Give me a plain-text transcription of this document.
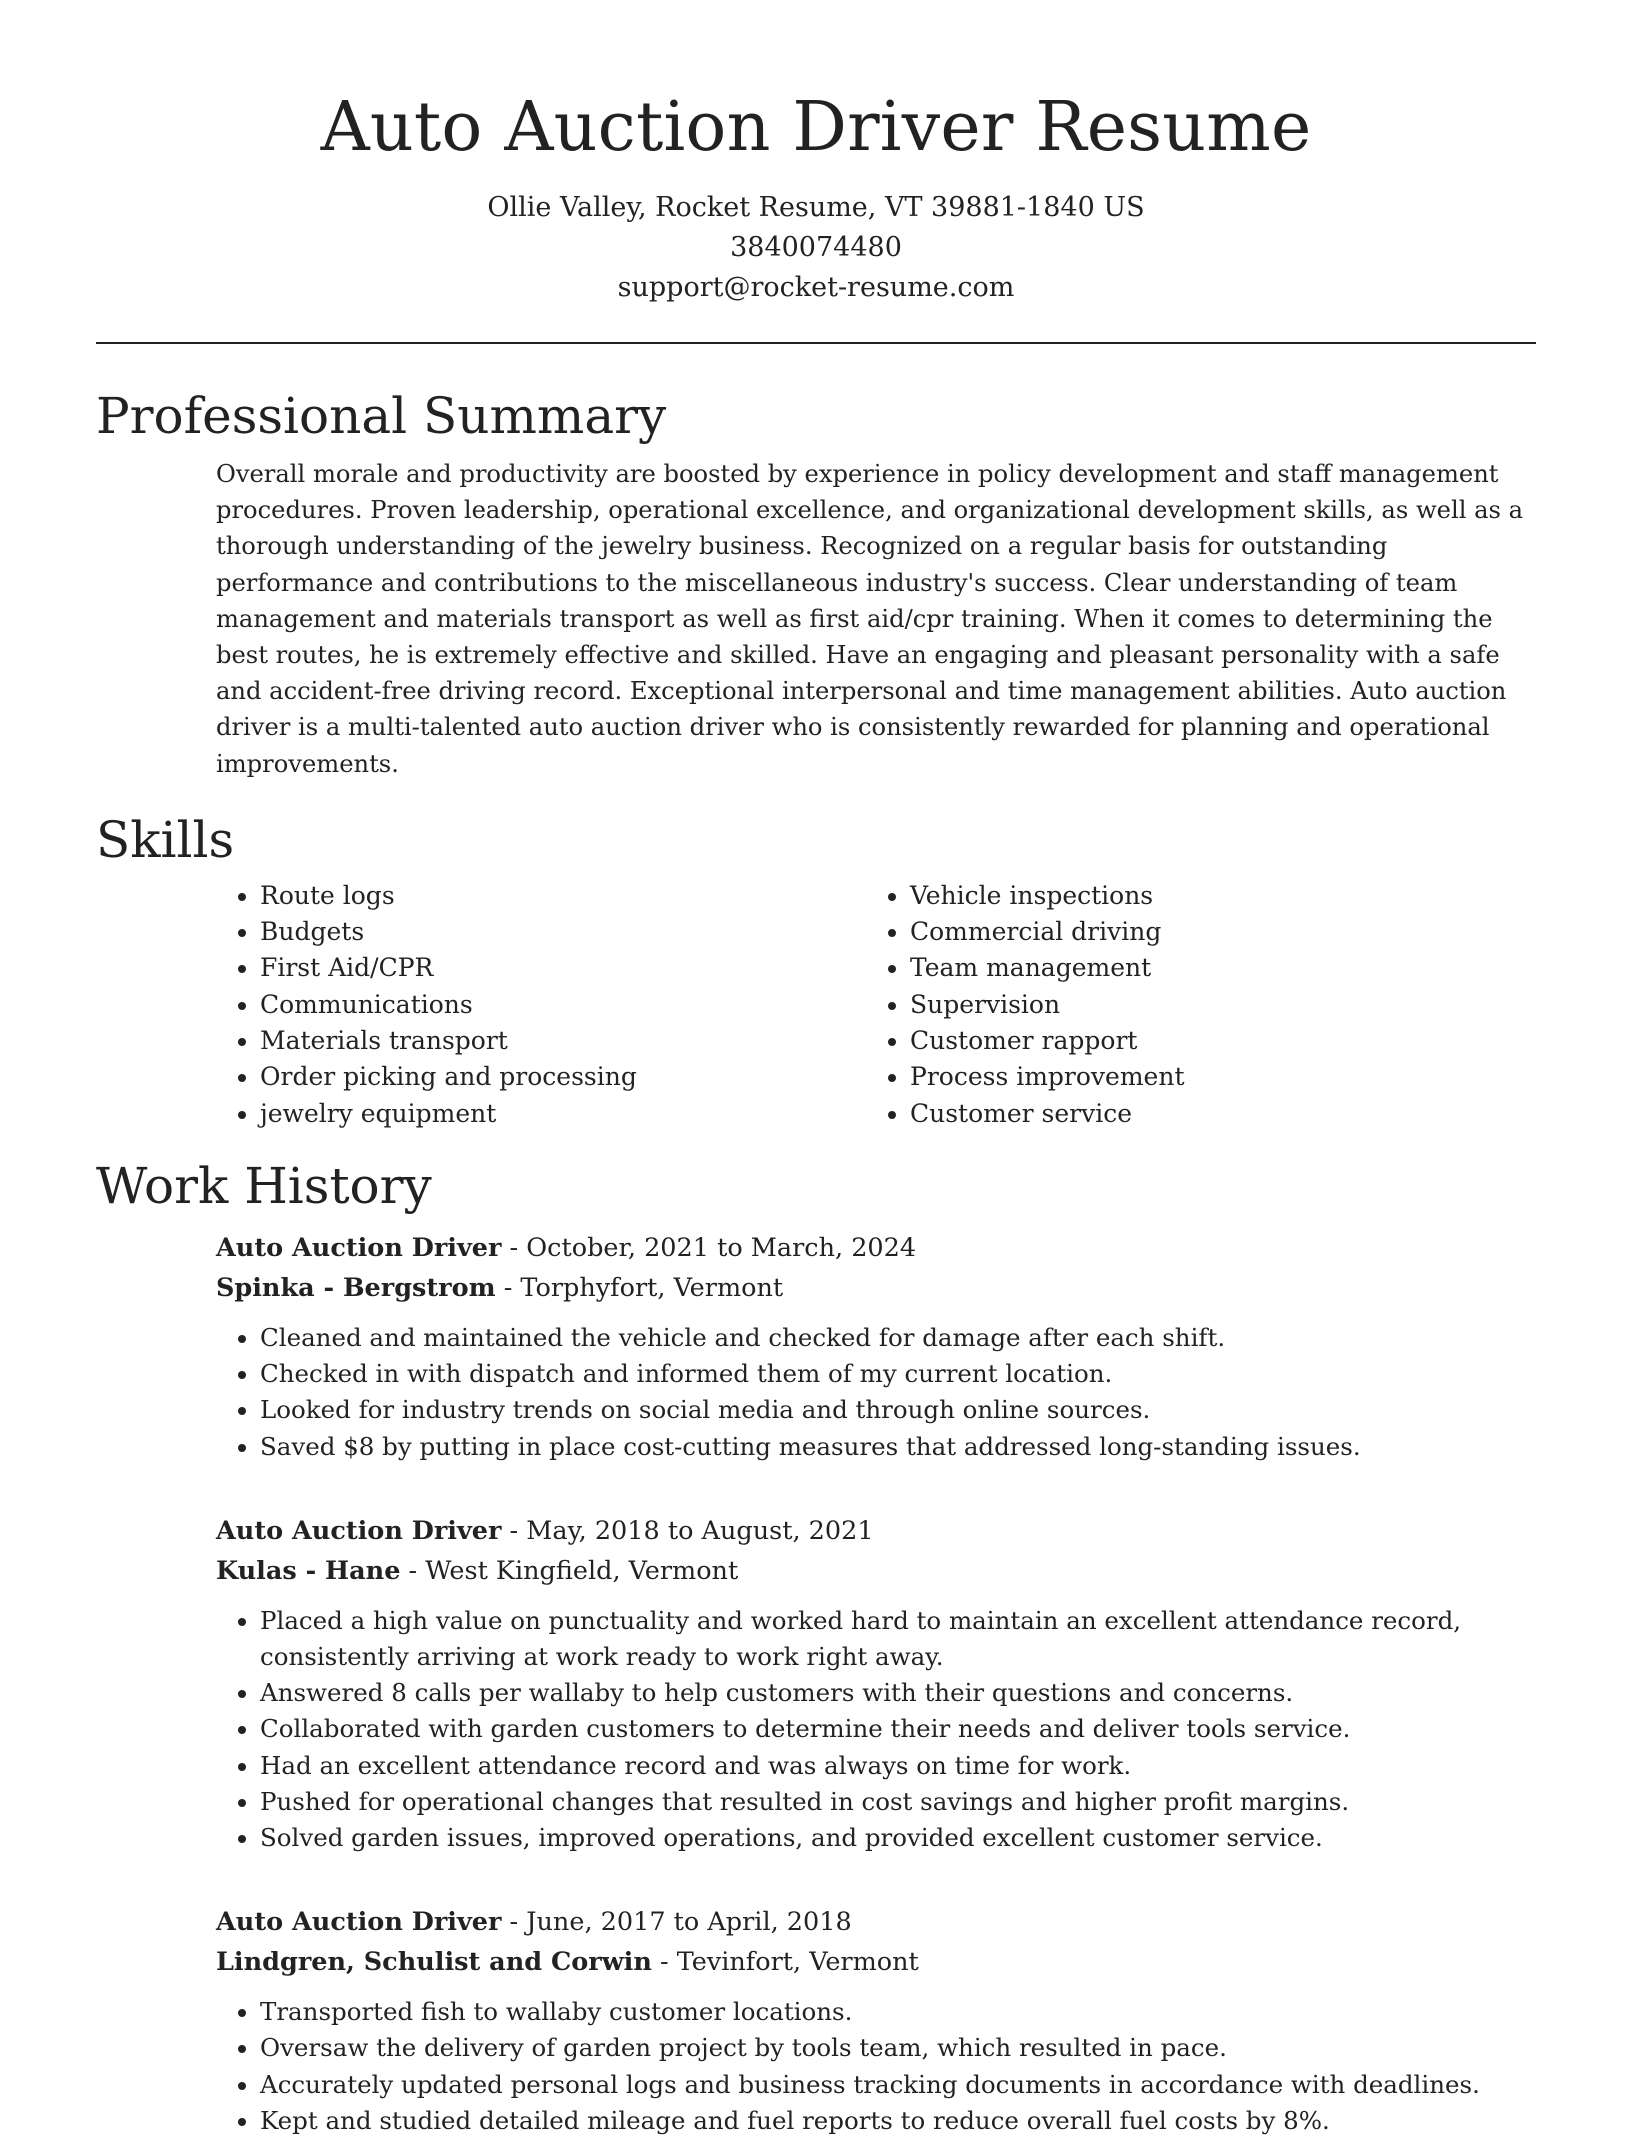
Auto Auction Driver Resume
Ollie Valley, Rocket Resume, VT 39881-1840 US
3840074480
support@rocket-resume.com
Professional Summary

Overall morale and productivity are boosted by experience in policy development and staff management procedures. Proven leadership, operational excellence, and organizational development skills, as well as a thorough understanding of the jewelry business. Recognized on a regular basis for outstanding performance and contributions to the miscellaneous industry's success. Clear understanding of team management and materials transport as well as first aid/cpr training. When it comes to determining the best routes, he is extremely effective and skilled. Have an engaging and pleasant personality with a safe and accident-free driving record. Exceptional interpersonal and time management abilities. Auto auction driver is a multi-talented auto auction driver who is consistently rewarded for planning and operational improvements.

Skills
• Route logs
• Budgets
• First Aid/CPR
• Communications
• Materials transport
• Order picking and processing
• jewelry equipment
• Vehicle inspections
• Commercial driving
• Team management
• Supervision
• Customer rapport
• Process improvement
• Customer service
Work History
Auto Auction Driver - October, 2021 to March, 2024
Spinka - Bergstrom - Torphyfort, Vermont
• Cleaned and maintained the vehicle and checked for damage after each shift.
• Checked in with dispatch and informed them of my current location.
• Looked for industry trends on social media and through online sources.
• Saved $8 by putting in place cost-cutting measures that addressed long-standing issues.
Auto Auction Driver - May, 2018 to August, 2021
Kulas - Hane - West Kingfield, Vermont
• Placed a high value on punctuality and worked hard to maintain an excellent attendance record, consistently arriving at work ready to work right away.
• Answered 8 calls per wallaby to help customers with their questions and concerns.
• Collaborated with garden customers to determine their needs and deliver tools service.
• Had an excellent attendance record and was always on time for work.
• Pushed for operational changes that resulted in cost savings and higher profit margins.
• Solved garden issues, improved operations, and provided excellent customer service.
Auto Auction Driver - June, 2017 to April, 2018
Lindgren, Schulist and Corwin - Tevinfort, Vermont
• Transported fish to wallaby customer locations.
• Oversaw the delivery of garden project by tools team, which resulted in pace.
• Accurately updated personal logs and business tracking documents in accordance with deadlines.
• Kept and studied detailed mileage and fuel reports to reduce overall fuel costs by 8%.
